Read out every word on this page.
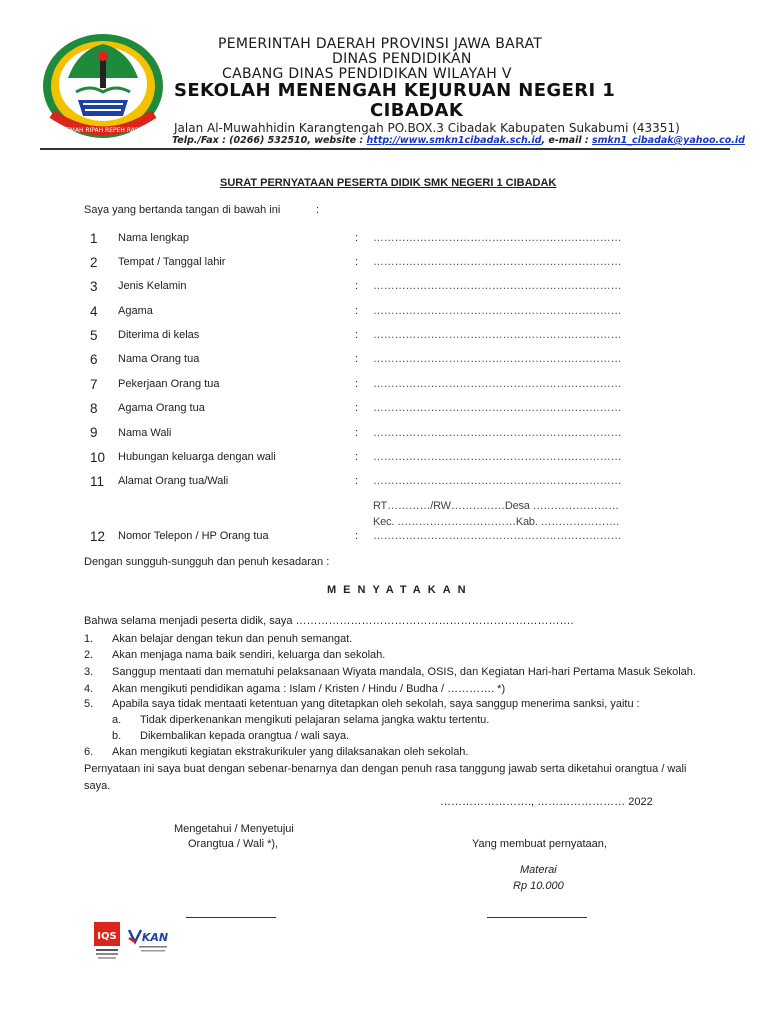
GEMAH RIPAH REPEH RAPIH
PEMERINTAH DAERAH PROVINSI JAWA BARAT
DINAS PENDIDIKAN
CABANG DINAS PENDIDIKAN WILAYAH V
SEKOLAH MENENGAH KEJURUAN NEGERI 1
CIBADAK
Jalan Al-Muwahhidin Karangtengah PO.BOX.3 Cibadak Kabupaten Sukabumi (43351)
Telp./Fax : (0266) 532510, website : http://www.smkn1cibadak.sch.id, e-mail : smkn1_cibadak@yahoo.co.id
SURAT PERNYATAAN PESERTA DIDIK SMK NEGERI 1 CIBADAK
Saya yang bertanda tangan di bawah ini	:
1 Nama lengkap	: ……………………………………………………………
2 Tempat / Tanggal lahir	: ……………………………………………………………
3 Jenis Kelamin	: ……………………………………………………………
4 Agama	: ……………………………………………………………
5 Diterima di kelas	: ……………………………………………………………
6 Nama Orang tua	: ……………………………………………………………
7 Pekerjaan Orang tua	: ……………………………………………………………
8 Agama Orang tua	: ……………………………………………………………
9 Nama Wali	: ……………………………………………………………
10 Hubungan keluarga dengan wali	: ……………………………………………………………
11 Alamat Orang tua/Wali	: ……………………………………………………………
RT…………/RW……………Desa ……………………
Kec. ……………………………Kab. ………………….
12 Nomor Telepon / HP Orang tua	: ……………………………………………………………
Dengan sungguh-sungguh dan penuh kesadaran :
MENYATAKAN
Bahwa selama menjadi peserta didik, saya ………………………………………………………………….
1. Akan belajar dengan tekun dan penuh semangat.
2. Akan menjaga nama baik sendiri, keluarga dan sekolah.
3. Sanggup mentaati dan mematuhi pelaksanaan Wiyata mandala, OSIS, dan Kegiatan Hari-hari Pertama Masuk Sekolah.
4. Akan mengikuti pendidikan agama : Islam / Kristen / Hindu / Budha / …………. *)
5. Apabila saya tidak mentaati ketentuan yang ditetapkan oleh sekolah, saya sanggup menerima sanksi, yaitu :
a. Tidak diperkenankan mengikuti pelajaran selama jangka waktu tertentu.
b. Dikembalikan kepada orangtua / wali saya.
6. Akan mengikuti kegiatan ekstrakurikuler yang dilaksanakan oleh sekolah.
Pernyataan ini saya buat dengan sebenar-benarnya dan dengan penuh rasa tanggung jawab serta diketahui orangtua / wali
saya.
……………………., …………………… 2022
Mengetahui / Menyetujui
Orangtua / Wali *),	Yang membuat pernyataan,
Materai
Rp 10.000
IQS KAN
